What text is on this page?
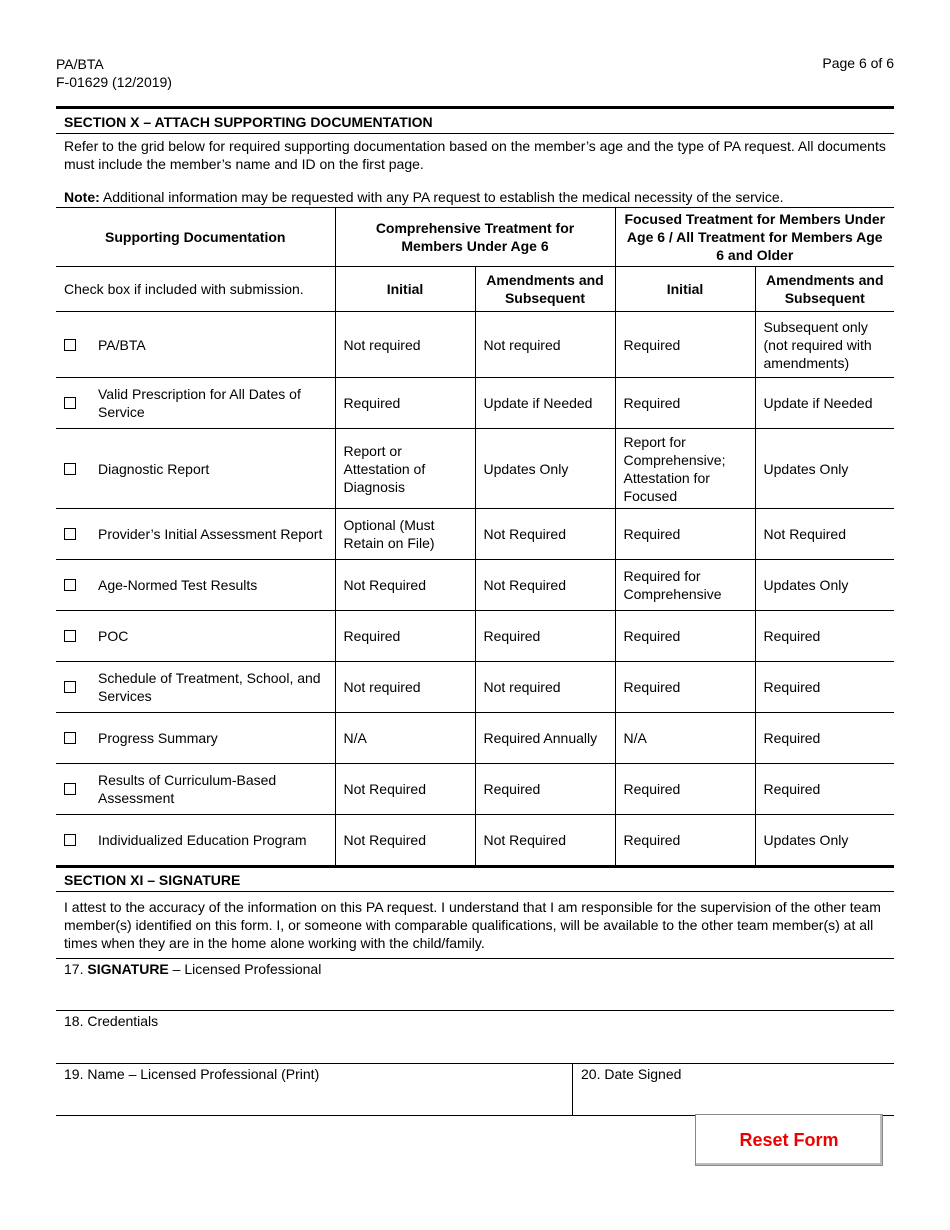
PA/BTA
F-01629 (12/2019)
Page 6 of 6
SECTION X – ATTACH SUPPORTING DOCUMENTATION
Refer to the grid below for required supporting documentation based on the member’s age and the type of PA request. All documents must include the member’s name and ID on the first page.
Note: Additional information may be requested with any PA request to establish the medical necessity of the service.
Supporting Documentation	Comprehensive Treatment for Members Under Age 6		Focused Treatment for Members Under Age 6 / All Treatment for Members Age 6 and Older	
Check box if included with submission.	Initial	Amendments and Subsequent	Initial	Amendments and Subsequent

PA/BTA	Not required	Not required	Required	Subsequent only (not required with amendments)

Valid Prescription for All Dates of Service	Required	Update if Needed	Required	Update if Needed

Diagnostic Report	Report or Attestation of Diagnosis	Updates Only	Report for Comprehensive; Attestation for Focused	Updates Only

Provider’s Initial Assessment Report	Optional (Must Retain on File)	Not Required	Required	Not Required

Age-Normed Test Results	Not Required	Not Required	Required for Comprehensive	Updates Only

POC	Required	Required	Required	Required

Schedule of Treatment, School, and Services	Not required	Not required	Required	Required

Progress Summary	N/A	Required Annually	N/A	Required

Results of Curriculum-Based Assessment	Not Required	Required	Required	Required

Individualized Education Program	Not Required	Not Required	Required	Updates Only
SECTION XI – SIGNATURE
I attest to the accuracy of the information on this PA request. I understand that I am responsible for the supervision of the other team member(s) identified on this form. I, or someone with comparable qualifications, will be available to the other team member(s) at all times when they are in the home alone working with the child/family.
17. SIGNATURE – Licensed Professional
18. Credentials
19. Name – Licensed Professional (Print)	20. Date Signed
Reset Form
